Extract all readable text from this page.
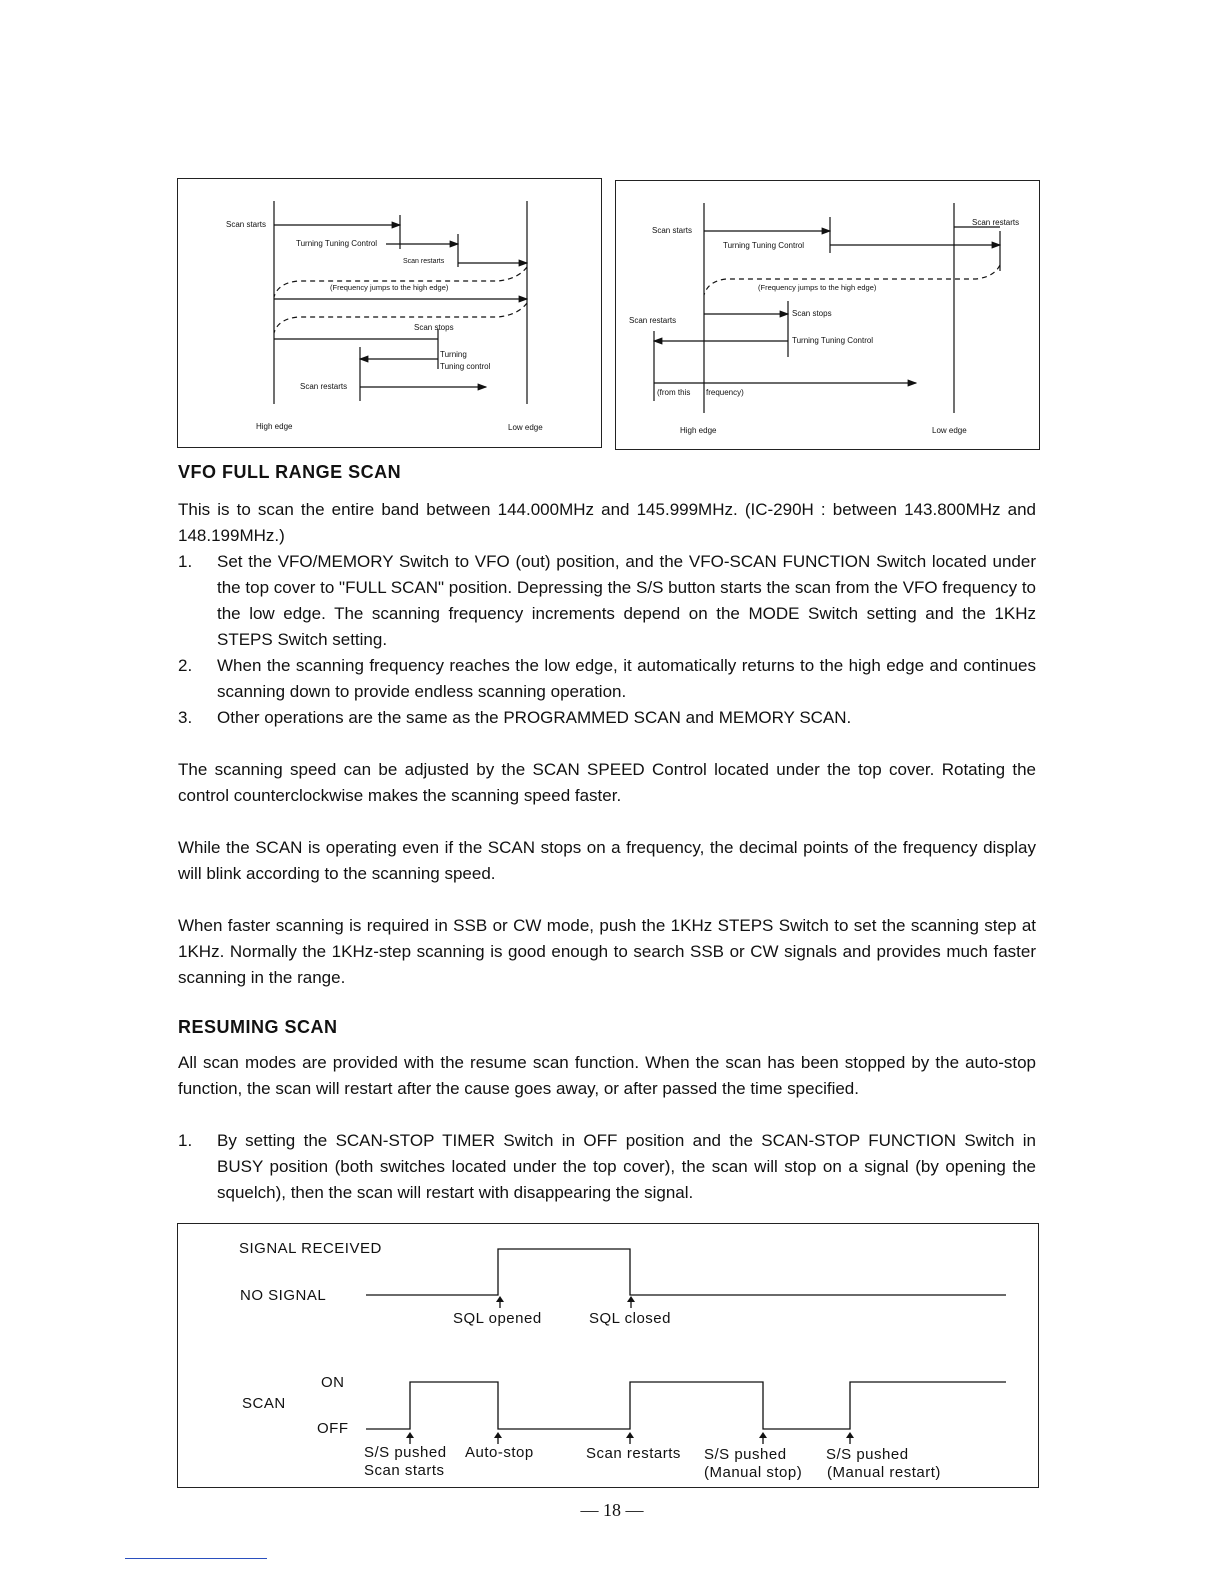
Scan starts
Turning Tuning Control
Scan restarts
(Frequency jumps to the high edge)
Scan stops
Turning
Tuning control
Scan restarts
High edge	Low edge
Scan starts
Scan restarts
Turning Tuning Control
(Frequency jumps to the high edge)
Scan restarts
Scan stops
Turning Tuning Control
(from this frequency)
High edge	Low edge
VFO FULL RANGE SCAN

This is to scan the entire band between 144.000MHz and 145.999MHz. (IC-290H : between 143.800MHz and 148.199MHz.)

1. Set the VFO/MEMORY Switch to VFO (out) position, and the VFO-SCAN FUNCTION Switch located under the top cover to "FULL SCAN" position. Depressing the S/S button starts the scan from the VFO frequency to the low edge. The scanning frequency increments depend on the MODE Switch setting and the 1KHz STEPS Switch setting.
2. When the scanning frequency reaches the low edge, it automatically returns to the high edge and continues scanning down to provide endless scanning operation.
3. Other operations are the same as the PROGRAMMED SCAN and MEMORY SCAN.

The scanning speed can be adjusted by the SCAN SPEED Control located under the top cover. Rotating the control counterclockwise makes the scanning speed faster.

While the SCAN is operating even if the SCAN stops on a frequency, the decimal points of the frequency display will blink according to the scanning speed.

When faster scanning is required in SSB or CW mode, push the 1KHz STEPS Switch to set the scanning step at 1KHz. Normally the 1KHz-step scanning is good enough to search SSB or CW signals and provides much faster scanning in the range.

RESUMING SCAN

All scan modes are provided with the resume scan function. When the scan has been stopped by the auto-stop function, the scan will restart after the cause goes away, or after passed the time specified.

1. By setting the SCAN-STOP TIMER Switch in OFF position and the SCAN-STOP FUNCTION Switch in BUSY position (both switches located under the top cover), the scan will stop on a signal (by opening the squelch), then the scan will restart with disappearing the signal.
SIGNAL RECEIVED
NO SIGNAL
SQL opened	SQL closed
ON
SCAN
OFF
S/S pushed
Scan starts
Auto-stop	Scan restarts S/S pushed
(Manual stop)
S/S pushed
(Manual restart)
— 18 —
